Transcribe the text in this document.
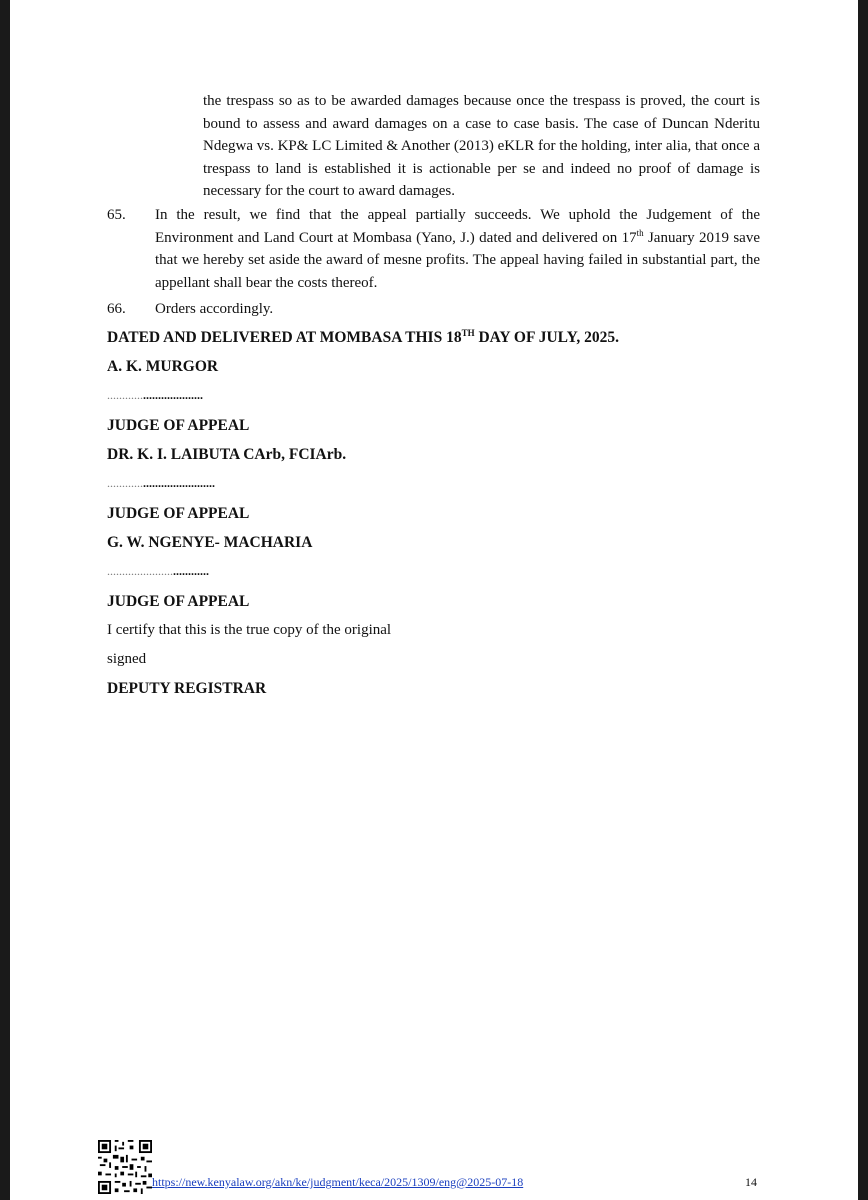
the trespass so as to be awarded damages because once the trespass is proved, the court is bound to assess and award damages on a case to case basis. The case of Duncan Nderitu Ndegwa vs. KP& LC Limited & Another (2013) eKLR for the holding, inter alia, that once a trespass to land is established it is actionable per se and indeed no proof of damage is necessary for the court to award damages.

65. In the result, we find that the appeal partially succeeds. We uphold the Judgement of the Environment and Land Court at Mombasa (Yano, J.) dated and delivered on 17th January 2019 save that we hereby set aside the award of mesne profits. The appeal having failed in substantial part, the appellant shall bear the costs thereof.

66. Orders accordingly.
DATED AND DELIVERED AT MOMBASA THIS 18TH DAY OF JULY, 2025.
A. K. MURGOR
................................
JUDGE OF APPEAL
DR. K. I. LAIBUTA CArb, FCIArb.
....................................
JUDGE OF APPEAL
G. W. NGENYE- MACHARIA
..................................
JUDGE OF APPEAL
I certify that this is the true copy of the original
signed
DEPUTY REGISTRAR
https://new.kenyalaw.org/akn/ke/judgment/keca/2025/1309/eng@2025-07-18	14
